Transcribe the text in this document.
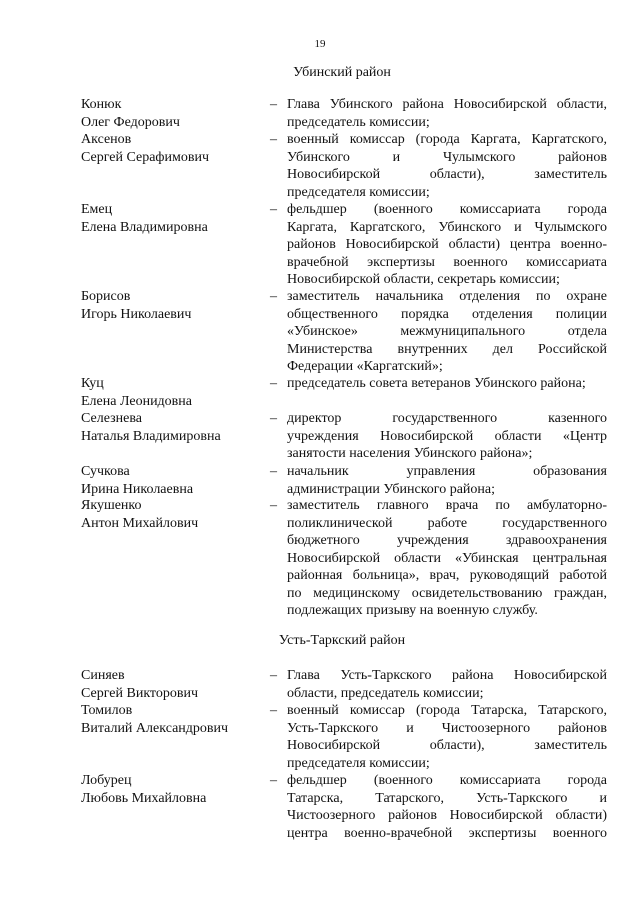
19
Убинский район
Конюк
Олег Федорович
– Глава Убинского района Новосибирской области,
председатель комиссии;
Аксенов
Сергей Серафимович
– военный комиссар (города Каргата, Каргатского,
Убинского и Чулымского районов
Новосибирской области), заместитель
председателя комиссии;
Емец
Елена Владимировна
– фельдшер (военного комиссариата города
Каргата, Каргатского, Убинского и Чулымского
районов Новосибирской области) центра военно-
врачебной экспертизы военного комиссариата
Новосибирской области, секретарь комиссии;
Борисов
Игорь Николаевич
– заместитель начальника отделения по охране
общественного порядка отделения полиции
«Убинское» межмуниципального отдела
Министерства внутренних дел Российской
Федерации «Каргатский»;
Куц
Елена Леонидовна
– председатель совета ветеранов Убинского района;
Селезнева
Наталья Владимировна
– директор государственного казенного
учреждения Новосибирской области «Центр
занятости населения Убинского района»;
Сучкова
Ирина Николаевна
– начальник управления образования
администрации Убинского района;
Якушенко
Антон Михайлович
– заместитель главного врача по амбулаторно-
поликлинической работе государственного
бюджетного учреждения здравоохранения
Новосибирской области «Убинская центральная
районная больница», врач, руководящий работой
по медицинскому освидетельствованию граждан,
подлежащих призыву на военную службу.
Усть-Таркский район
Синяев
Сергей Викторович
– Глава Усть-Таркского района Новосибирской
области, председатель комиссии;
Томилов
Виталий Александрович
– военный комиссар (города Татарска, Татарского,
Усть-Таркского и Чистоозерного районов
Новосибирской области), заместитель
председателя комиссии;
Лобурец
Любовь Михайловна
– фельдшер (военного комиссариата города
Татарска, Татарского, Усть-Таркского и
Чистоозерного районов Новосибирской области)
центра военно-врачебной экспертизы военного
